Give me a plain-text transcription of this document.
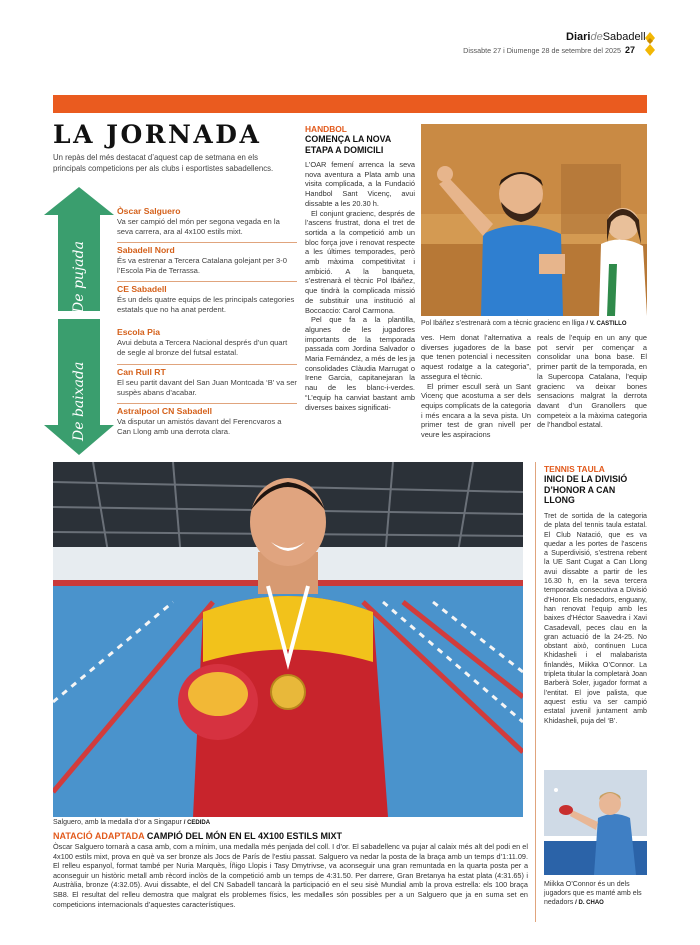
DiarideSabadell
Dissabte 27 i Diumenge 28 de setembre del 2025 27
LA JORNADA
Un repàs del més destacat d’aquest cap de setmana en els principals competicions per als clubs i esportistes sabadellencs.
De pujada
De baixada
Òscar Salguero
Va ser campió del món per segona vegada en la seva carrera, ara al 4x100 estils mixt.
Sabadell Nord
És va estrenar a Tercera Catalana golejant per 3-0 l’Escola Pia de Terrassa.
CE Sabadell
És un dels quatre equips de les principals categories estatals que no ha anat perdent.
Escola Pia
Avui debuta a Tercera Nacional després d’un quart de segle al bronze del futsal estatal.
Can Rull RT
El seu partit davant del San Juan Montcada ‘B’ va ser suspès abans d’acabar.
Astralpool CN Sabadell
Va disputar un amistós davant del Ferencvaros a Can Llong amb una derrota clara.
HANDBOL
COMENÇA LA NOVA
ETAPA A DOMICILI

L’OAR femení arrenca la seva nova aventura a Plata amb una visita complicada, a la Fundació Handbol Sant Vicenç, avui dissabte a les 20.30 h.

El conjunt gracienc, després de l’ascens frustrat, dona el tret de sortida a la competició amb un bloc força jove i renovat respecte a les últimes temporades, però amb màxima competitivitat i ambició. A la banqueta, s’estrenarà el tècnic Pol Ibáñez, que tindrà la complicada missió de substituir una institució al Boccaccio: Carol Carmona.

Pel que fa a la plantilla, algunes de les jugadores importants de la temporada passada com Jordina Salvador o Maria Fernández, a més de les ja consolidades Clàudia Marrugat o Irene Garcia, capitanejaran la nau de les blanc-i-verdes. “L’equip ha canviat bastant amb diverses baixes significati-

ves. Hem donat l’alternativa a diverses jugadores de la base que tenen potencial i necessiten aquest rodatge a la categoria”, assegura el tècnic.

El primer escull serà un Sant Vicenç que acostuma a ser dels equips complicats de la categoria i més encara a la seva pista. Un primer test de gran nivell per veure les aspiracions

reals de l’equip en un any que pot servir per començar a consolidar una bona base. El primer partit de la temporada, en la Supercopa Catalana, l’equip gracienc va deixar bones sensacions malgrat la derrota davant d’un Granollers que competeix a la màxima categoria de l’handbol estatal.

Pol Ibáñez s’estrenarà com a tècnic gracienc en lliga / V. CASTILLO
Salguero, amb la medalla d’or a Singapur / CEDIDA
NATACIÓ ADAPTADA CAMPIÓ DEL MÓN EN EL 4X100 ESTILS MIXT
Òscar Salguero tornarà a casa amb, com a mínim, una medalla més penjada del coll. I d’or. El sabadellenc va pujar al calaix més alt del podi en el 4x100 estils mixt, prova en què va ser bronze als Jocs de París de l’estiu passat. Salguero va nedar la posta de la braça amb un temps d’1:11.09. El relleu espanyol, format també per Nuria Marquès, Íñigo Llopis i Tasy Dmytrivse, va aconseguir una gran remuntada en la quarta posta per a aconseguir un històric metall amb rècord inclòs de la competició amb un temps de 4:31.50. Per darrere, Gran Bretanya ha estat plata (4:31.65) i Austràlia, bronze (4:32.05). Avui dissabte, el del CN Sabadell tancarà la participació en el seu sisè Mundial amb la prova estrella: els 100 braça SB8. El resultat del relleu demostra que malgrat els problemes físics, les medalles són possibles per a un Salguero que ja en suma set en competicions internacionals d’aquestes característiques.
TENNIS TAULA
INICI DE LA DIVISIÓ D’HONOR A CAN LLONG
Tret de sortida de la categoria de plata del tennis taula estatal. El Club Natació, que es va quedar a les portes de l’ascens a Superdivisió, s’estrena rebent la UE Sant Cugat a Can Llong avui dissabte a partir de les 16.30 h, en la seva tercera temporada consecutiva a Divisió d’Honor. Els nedadors, enguany, han renovat l’equip amb les baixes d’Héctor Saavedra i Xavi Casadevall, peces clau en la gran actuació de la 24-25. No obstant això, continuen Luca Khidasheli i el malabarista finlandès, Miikka O’Connor. La tripleta titular la completarà Joan Barberà Soler, jugador format a l’entitat. El jove palista, que aquest estiu va ser campió estatal juvenil juntament amb Khidasheli, puja del ‘B’.
Miikka O’Connor és un dels jugadors que es manté amb els nedadors / D. CHAO
